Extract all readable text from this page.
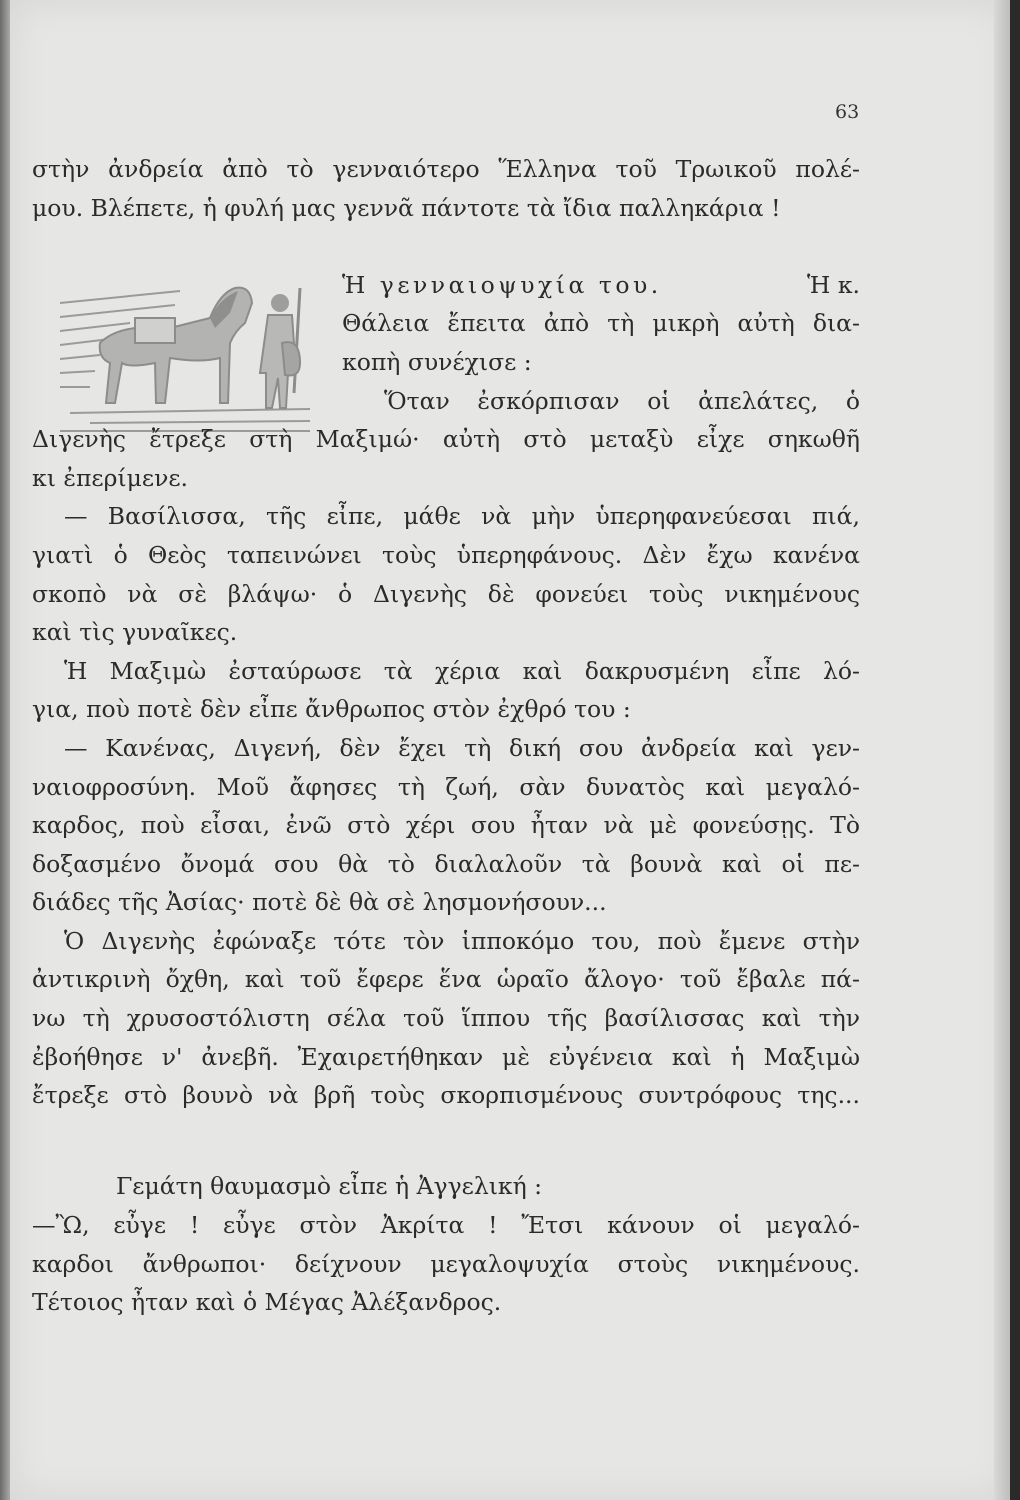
63
στὴν ἀνδρεία ἀπὸ τὸ γενναιότερο Ἕλληνα τοῦ Τρωικοῦ πολέ-
μου. Βλέπετε, ἡ φυλή μας γεννᾶ πάντοτε τὰ ἴδια παλληκάρια !
Ἡ γενναιοψυχία του.	Ἡ κ.
Θάλεια ἔπειτα ἀπὸ τὴ μικρὴ αὐτὴ δια-
κοπὴ συνέχισε :
Ὅταν ἐσκόρπισαν οἱ ἀπελάτες, ὁ
Διγενὴς ἔτρεξε στὴ Μαξιμώ· αὐτὴ στὸ μεταξὺ εἶχε σηκωθῆ
κι ἐπερίμενε.
— Βασίλισσα, τῆς εἶπε, μάθε νὰ μὴν ὑπερηφανεύεσαι πιά,
γιατὶ ὁ Θεὸς ταπεινώνει τοὺς ὑπερηφάνους. Δὲν ἔχω κανένα
σκοπὸ νὰ σὲ βλάψω· ὁ Διγενὴς δὲ φονεύει τοὺς νικημένους
καὶ τὶς γυναῖκες.
Ἡ Μαξιμὼ ἐσταύρωσε τὰ χέρια καὶ δακρυσμένη εἶπε λό-
για, ποὺ ποτὲ δὲν εἶπε ἄνθρωπος στὸν ἐχθρό του :
— Κανένας, Διγενή, δὲν ἔχει τὴ δική σου ἀνδρεία καὶ γεν-
ναιοφροσύνη. Μοῦ ἄφησες τὴ ζωή, σὰν δυνατὸς καὶ μεγαλό-
καρδος, ποὺ εἶσαι, ἐνῶ στὸ χέρι σου ἦταν νὰ μὲ φονεύσῃς. Τὸ
δοξασμένο ὄνομά σου θὰ τὸ διαλαλοῦν τὰ βουνὰ καὶ οἱ πε-
διάδες τῆς Ἀσίας· ποτὲ δὲ θὰ σὲ λησμονήσουν...
Ὁ Διγενὴς ἐφώναξε τότε τὸν ἱπποκόμο του, ποὺ ἔμενε στὴν
ἀντικρινὴ ὄχθη, καὶ τοῦ ἔφερε ἕνα ὡραῖο ἄλογο· τοῦ ἔβαλε πά-
νω τὴ χρυσοστόλιστη σέλα τοῦ ἵππου τῆς βασίλισσας καὶ τὴν
ἐβοήθησε ν' ἀνεβῆ. Ἐχαιρετήθηκαν μὲ εὐγένεια καὶ ἡ Μαξιμὼ
ἔτρεξε στὸ βουνὸ νὰ βρῆ τοὺς σκορπισμένους συντρόφους της...
Γεμάτη θαυμασμὸ εἶπε ἡ Ἀγγελική :
—Ὢ, εὖγε ! εὖγε στὸν Ἀκρίτα ! Ἔτσι κάνουν οἱ μεγαλό-
καρδοι ἄνθρωποι· δείχνουν μεγαλοψυχία στοὺς νικημένους.
Τέτοιος ἦταν καὶ ὁ Μέγας Ἀλέξανδρος.
